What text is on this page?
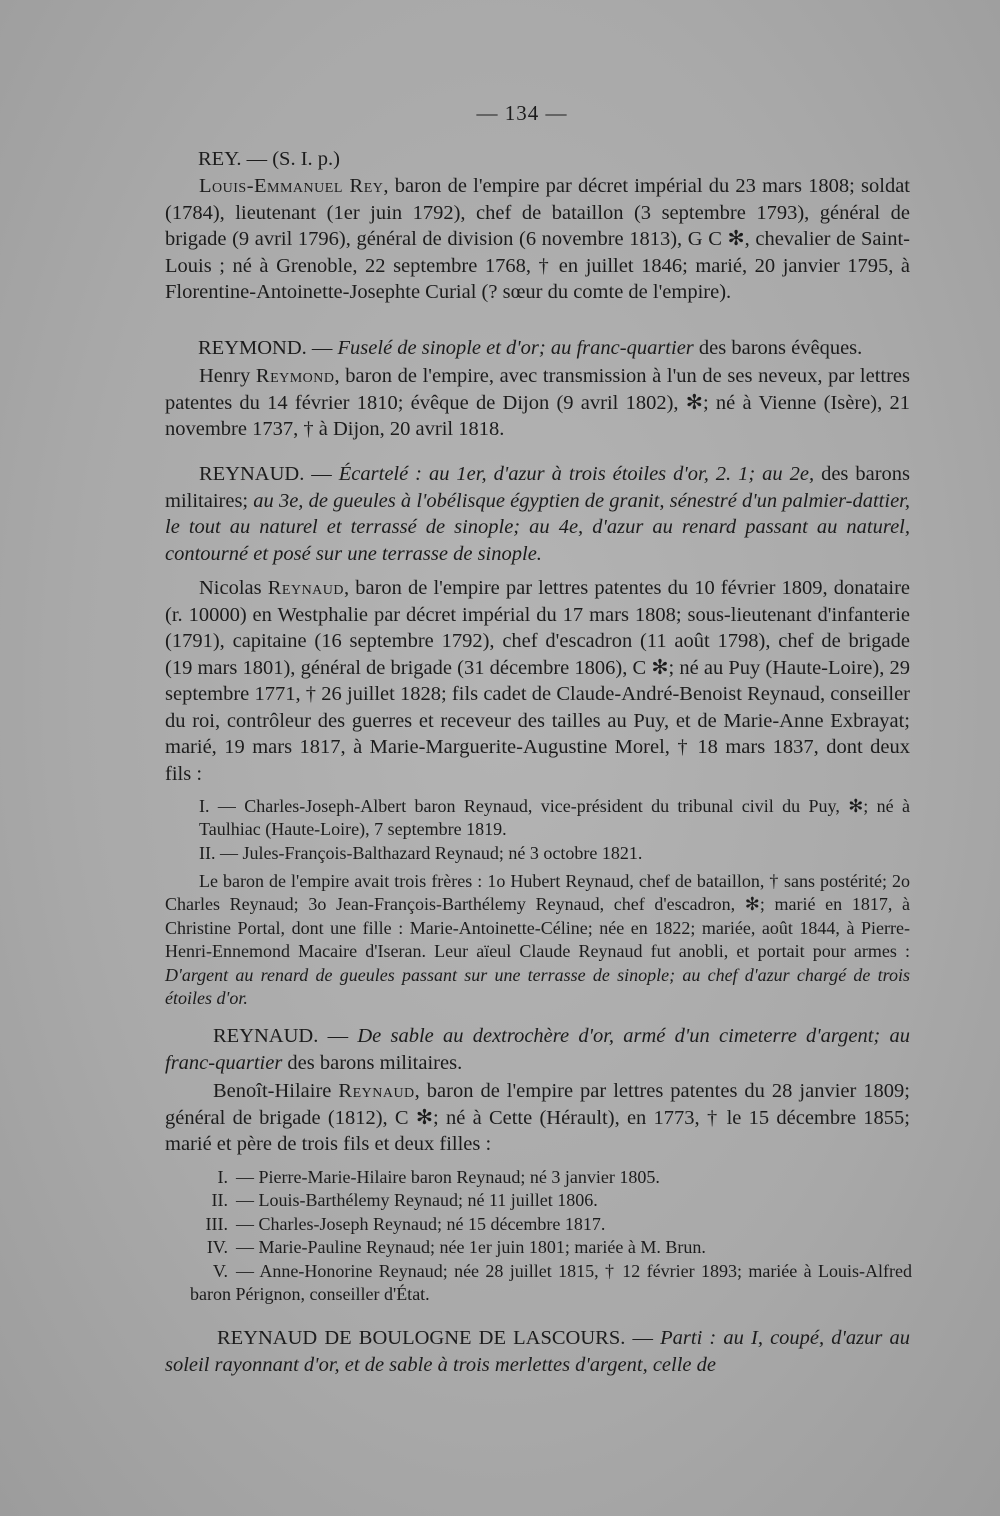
— 134 —
REY. — (S. I. p.)
Louis-Emmanuel Rey, baron de l'empire par décret impérial du 23 mars 1808; soldat (1784), lieutenant (1er juin 1792), chef de bataillon (3 septembre 1793), général de brigade (9 avril 1796), général de division (6 novembre 1813), G C ✻, chevalier de Saint-Louis ; né à Grenoble, 22 septembre 1768, † en juillet 1846; marié, 20 janvier 1795, à Florentine-Antoinette-Josephte Curial (? sœur du comte de l'empire).
REYMOND. — Fuselé de sinople et d'or; au franc-quartier des barons évêques.
Henry Reymond, baron de l'empire, avec transmission à l'un de ses neveux, par lettres patentes du 14 février 1810; évêque de Dijon (9 avril 1802), ✻; né à Vienne (Isère), 21 novembre 1737, † à Dijon, 20 avril 1818.
REYNAUD. — Écartelé : au 1er, d'azur à trois étoiles d'or, 2. 1; au 2e, des barons militaires; au 3e, de gueules à l'obélisque égyptien de granit, sénestré d'un palmier-dattier, le tout au naturel et terrassé de sinople; au 4e, d'azur au renard passant au naturel, contourné et posé sur une terrasse de sinople.
Nicolas Reynaud, baron de l'empire par lettres patentes du 10 février 1809, donataire (r. 10000) en Westphalie par décret impérial du 17 mars 1808; sous-lieutenant d'infanterie (1791), capitaine (16 septembre 1792), chef d'escadron (11 août 1798), chef de brigade (19 mars 1801), général de brigade (31 décembre 1806), C ✻; né au Puy (Haute-Loire), 29 septembre 1771, † 26 juillet 1828; fils cadet de Claude-André-Benoist Reynaud, conseiller du roi, contrôleur des guerres et receveur des tailles au Puy, et de Marie-Anne Exbrayat; marié, 19 mars 1817, à Marie-Marguerite-Augustine Morel, † 18 mars 1837, dont deux fils :
I. — Charles-Joseph-Albert baron Reynaud, vice-président du tribunal civil du Puy, ✻; né à Taulhiac (Haute-Loire), 7 septembre 1819.
II. — Jules-François-Balthazard Reynaud; né 3 octobre 1821.
Le baron de l'empire avait trois frères : 1o Hubert Reynaud, chef de bataillon, † sans postérité; 2o Charles Reynaud; 3o Jean-François-Barthélemy Reynaud, chef d'escadron, ✻; marié en 1817, à Christine Portal, dont une fille : Marie-Antoinette-Céline; née en 1822; mariée, août 1844, à Pierre-Henri-Ennemond Macaire d'Iseran. Leur aïeul Claude Reynaud fut anobli, et portait pour armes : D'argent au renard de gueules passant sur une terrasse de sinople; au chef d'azur chargé de trois étoiles d'or.
REYNAUD. — De sable au dextrochère d'or, armé d'un cimeterre d'argent; au franc-quartier des barons militaires.
Benoît-Hilaire Reynaud, baron de l'empire par lettres patentes du 28 janvier 1809; général de brigade (1812), C ✻; né à Cette (Hérault), en 1773, † le 15 décembre 1855; marié et père de trois fils et deux filles :
I. — Pierre-Marie-Hilaire baron Reynaud; né 3 janvier 1805.
II. — Louis-Barthélemy Reynaud; né 11 juillet 1806.
III. — Charles-Joseph Reynaud; né 15 décembre 1817.
IV. — Marie-Pauline Reynaud; née 1er juin 1801; mariée à M. Brun.
V. — Anne-Honorine Reynaud; née 28 juillet 1815, † 12 février 1893; mariée à Louis-Alfred baron Pérignon, conseiller d'État.
REYNAUD DE BOULOGNE DE LASCOURS. — Parti : au I, coupé, d'azur au soleil rayonnant d'or, et de sable à trois merlettes d'argent, celle de
